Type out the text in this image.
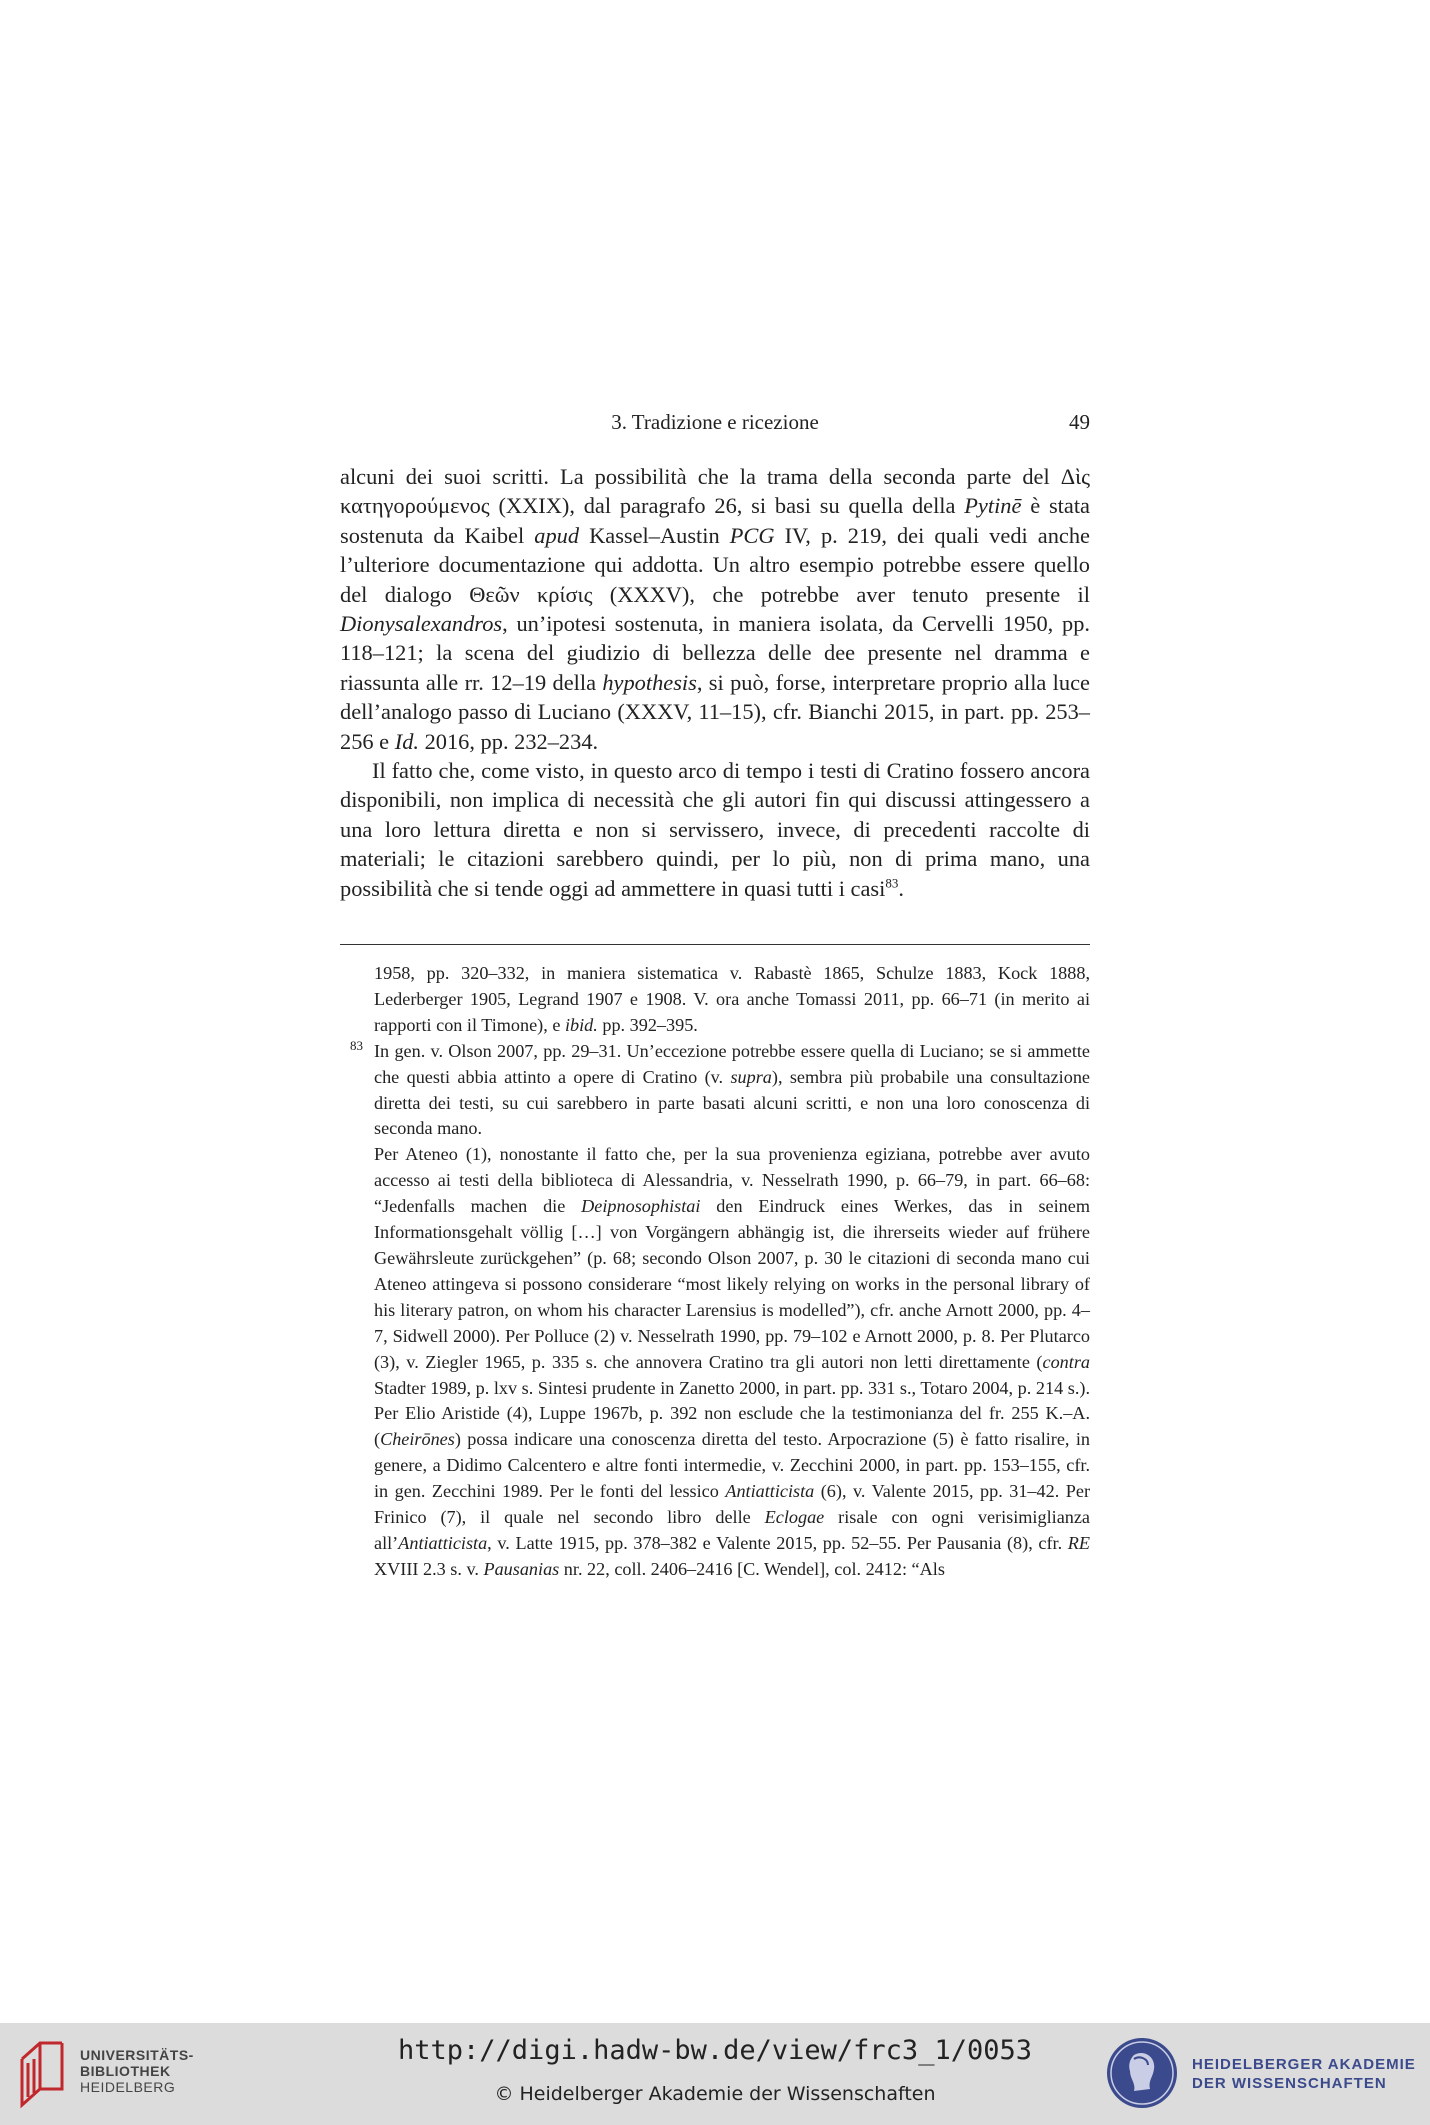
3. Tradizione e ricezione	49

alcuni dei suoi scritti. La possibilità che la trama della seconda parte del Δὶς κατηγορούμενος (XXIX), dal paragrafo 26, si basi su quella della Pytinē è stata sostenuta da Kaibel apud Kassel–Austin PCG IV, p. 219, dei quali vedi anche l’ulteriore documentazione qui addotta. Un altro esempio potrebbe essere quello del dialogo Θεῶν κρίσις (XXXV), che potrebbe aver tenuto presente il Dionysalexandros, un’ipotesi sostenuta, in maniera isolata, da Cervelli 1950, pp. 118–121; la scena del giudizio di bellezza delle dee presente nel dramma e riassunta alle rr. 12–19 della hypothesis, si può, forse, interpretare proprio alla luce dell’analogo passo di Luciano (XXXV, 11–15), cfr. Bianchi 2015, in part. pp. 253–256 e Id. 2016, pp. 232–234.

Il fatto che, come visto, in questo arco di tempo i testi di Cratino fossero ancora disponibili, non implica di necessità che gli autori fin qui discussi attingessero a una loro lettura diretta e non si servissero, invece, di precedenti raccolte di materiali; le citazioni sarebbero quindi, per lo più, non di prima mano, una possibilità che si tende oggi ad ammettere in quasi tutti i casi$^{83}$.

1958, pp. 320–332, in maniera sistematica v. Rabastè 1865, Schulze 1883, Kock 1888, Lederberger 1905, Legrand 1907 e 1908. V. ora anche Tomassi 2011, pp. 66–71 (in merito ai rapporti con il Timone), e ibid. pp. 392–395.

83 In gen. v. Olson 2007, pp. 29–31. Un’eccezione potrebbe essere quella di Luciano; se si ammette che questi abbia attinto a opere di Cratino (v. supra), sembra più probabile una consultazione diretta dei testi, su cui sarebbero in parte basati alcuni scritti, e non una loro conoscenza di seconda mano.

Per Ateneo (1), nonostante il fatto che, per la sua provenienza egiziana, potrebbe aver avuto accesso ai testi della biblioteca di Alessandria, v. Nesselrath 1990, p. 66–79, in part. 66–68: “Jedenfalls machen die Deipnosophistai den Eindruck eines Werkes, das in seinem Informationsgehalt völlig […] von Vorgängern abhängig ist, die ihrerseits wieder auf frühere Gewährsleute zurückgehen” (p. 68; secondo Olson 2007, p. 30 le citazioni di seconda mano cui Ateneo attingeva si possono considerare “most likely relying on works in the personal library of his literary patron, on whom his character Larensius is modelled”), cfr. anche Arnott 2000, pp. 4–7, Sidwell 2000). Per Polluce (2) v. Nesselrath 1990, pp. 79–102 e Arnott 2000, p. 8. Per Plutarco (3), v. Ziegler 1965, p. 335 s. che annovera Cratino tra gli autori non letti direttamente (contra Stadter 1989, p. lxv s. Sintesi prudente in Zanetto 2000, in part. pp. 331 s., Totaro 2004, p. 214 s.). Per Elio Aristide (4), Luppe 1967b, p. 392 non esclude che la testimonianza del fr. 255 K.–A. (Cheirōnes) possa indicare una conoscenza diretta del testo. Arpocrazione (5) è fatto risalire, in genere, a Didimo Calcentero e altre fonti intermedie, v. Zecchini 2000, in part. pp. 153–155, cfr. in gen. Zecchini 1989. Per le fonti del lessico Antiatticista (6), v. Valente 2015, pp. 31–42. Per Frinico (7), il quale nel secondo libro delle Eclogae risale con ogni verisimiglianza all’Antiatticista, v. Latte 1915, pp. 378–382 e Valente 2015, pp. 52–55. Per Pausania (8), cfr. RE XVIII 2.3 s. v. Pausanias nr. 22, coll. 2406–2416 [C. Wendel], col. 2412: “Als

UNIVERSITÄTS-
BIBLIOTHEK
HEIDELBERG
http://digi.hadw-bw.de/view/frc3_1/0053
© Heidelberger Akademie der Wissenschaften
HEIDELBERGER AKADEMIE
DER WISSENSCHAFTEN
